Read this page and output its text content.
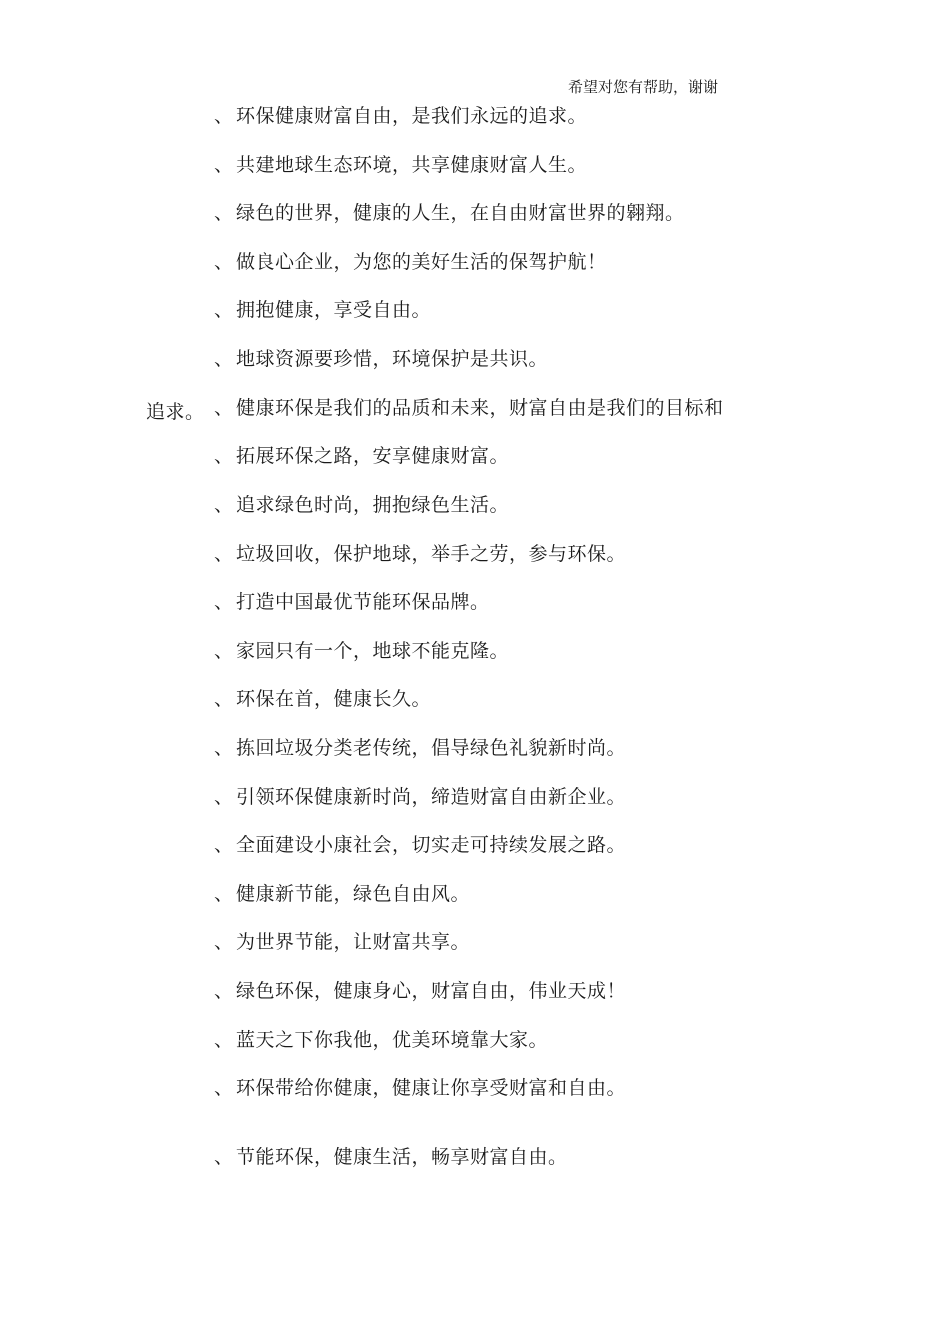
希望对您有帮助，谢谢
、 环保健康财富自由，是我们永远的追求。
、 共建地球生态环境，共享健康财富人生。
、 绿色的世界，健康的人生，在自由财富世界的翱翔。
、 做良心企业，为您的美好生活的保驾护航！
、 拥抱健康，享受自由。
、 地球资源要珍惜，环境保护是共识。
追求。 、 健康环保是我们的品质和未来，财富自由是我们的目标和
、 拓展环保之路，安享健康财富。
、 追求绿色时尚，拥抱绿色生活。
、 垃圾回收，保护地球，举手之劳，参与环保。
、 打造中国最优节能环保品牌。
、 家园只有一个，地球不能克隆。
、 环保在首，健康长久。
、 拣回垃圾分类老传统，倡导绿色礼貌新时尚。
、 引领环保健康新时尚，缔造财富自由新企业。
、 全面建设小康社会，切实走可持续发展之路。
、 健康新节能，绿色自由风。
、 为世界节能，让财富共享。
、 绿色环保，健康身心，财富自由，伟业天成！
、 蓝天之下你我他，优美环境靠大家。
、 环保带给你健康，健康让你享受财富和自由。
、 节能环保，健康生活，畅享财富自由。
